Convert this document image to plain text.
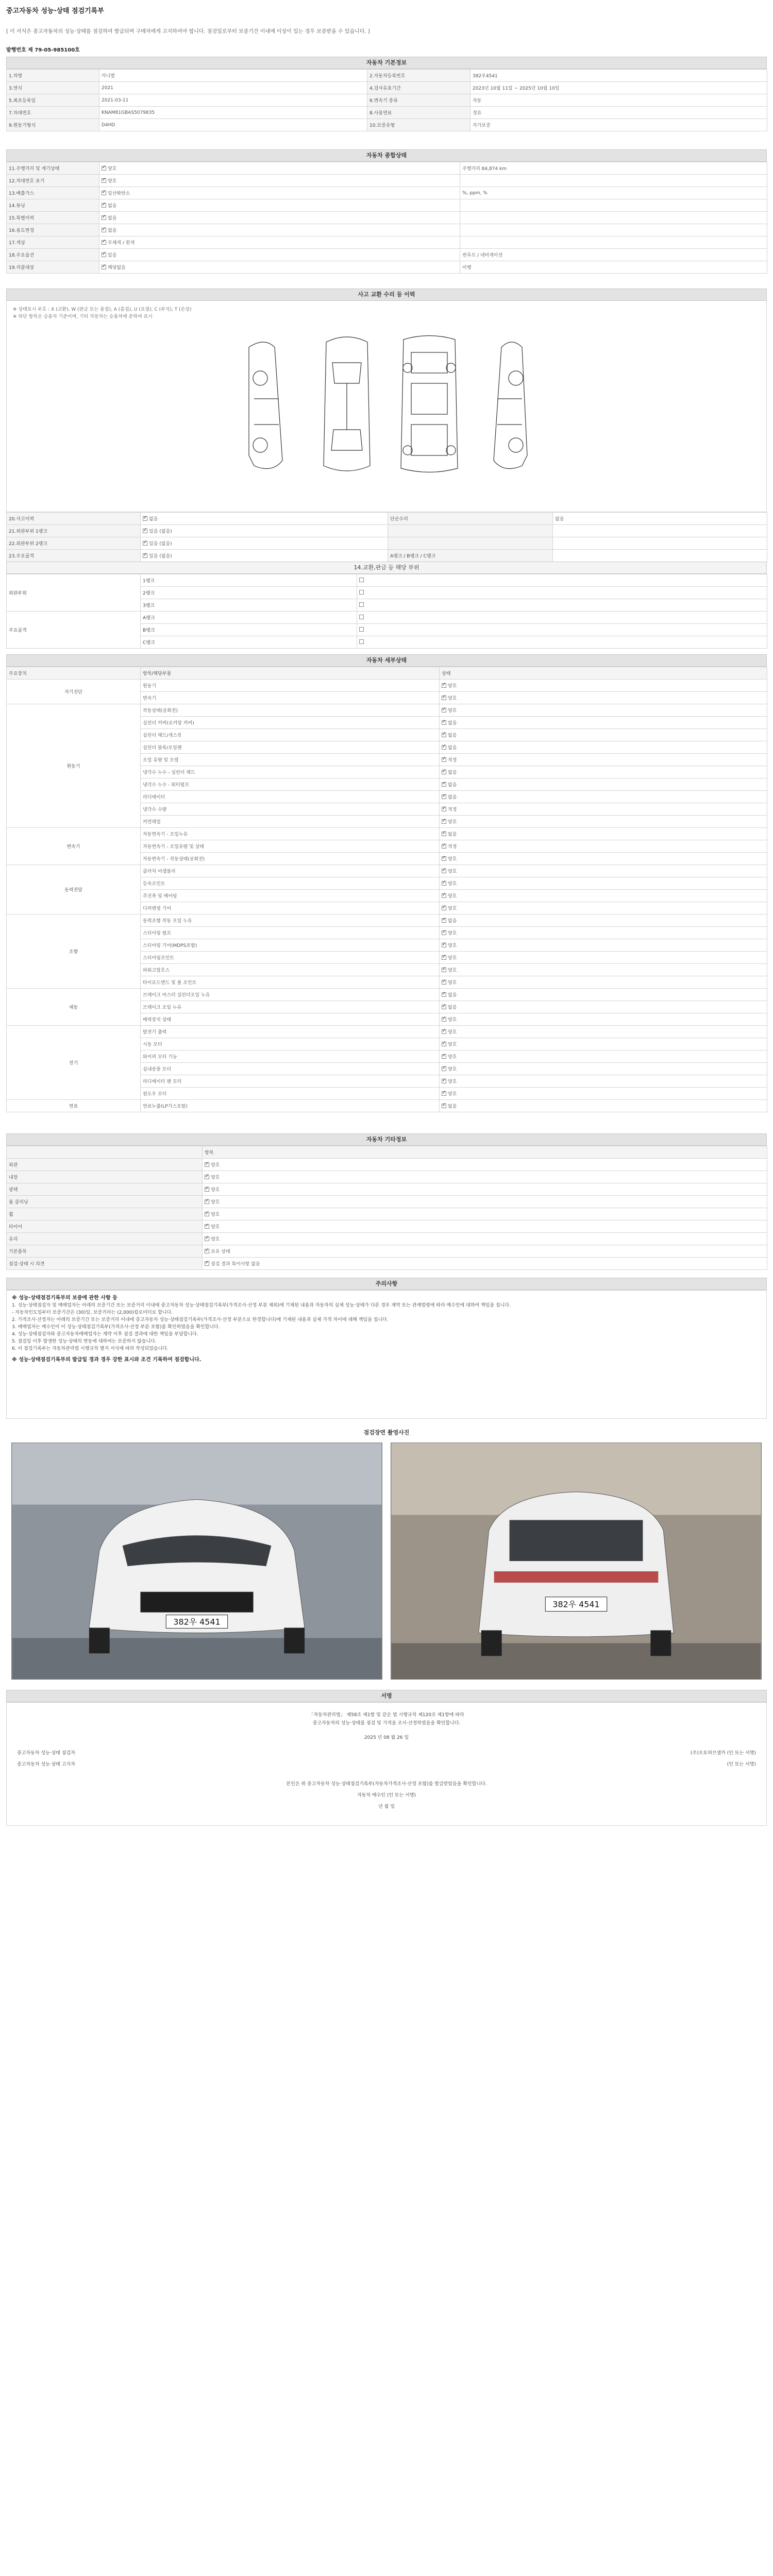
중고자동차 성능·상태 점검기록부
[ 이 서식은 중고자동차의 성능·상태를 점검하여 발급되며 구매자에게 고지하여야 합니다. 점검일로부터 보증기간 이내에 이상이 있는 경우 보증받을 수 있습니다. ]
발행번호 제 79-05-985100호
자동차 기본정보
1.차명	카니발	2.자동차등록번호	382우4541
3.연식	2021	4.검사유효기간	2023년 10월 11일 ~ 2025년 10월 10일
5.최초등록일	2021-03-11	6.변속기 종류	자동
7.차대번호	KNAM81GBAS5079835	8.사용연료	경유
9.원동기형식	D4HD	10.보증유형	자가보증
자동차 종합상태
11.주행거리 및 계기상태	✓양호	주행거리 84,874 km
12.차대번호 표기	✓양호	
13.배출가스	✓일산화탄소	%, ppm, %
14.튜닝	✓없음	
15.특별이력	✓없음	
16.용도변경	✓없음	
17.색상	✓무채색 / 흰색	
18.주요옵션	✓있음	썬루프 / 네비게이션
19.리콜대상	✓해당없음	이행
사고 교환 수리 등 이력
※ 상태표시 부호 : X (교환), W (판금 또는 용접), A (흠집), U (요철), C (부식), T (손상)
※ 하단 항목은 승용차 기준이며, 기타 자동차는 승용차에 준하여 표시
20.사고이력	✓없음	단순수리	없음
21.외판부위 1랭크	✓있음 (없음)		
22.외판부위 2랭크	✓있음 (없음)		
23.주요골격	✓있음 (없음)	A랭크 / B랭크 / C랭크	
14.교환,판금 등 해당 부위
외판부위	1랭크	
	2랭크	
	3랭크	
주요골격	A랭크	
	B랭크	
	C랭크	
자동차 세부상태
주요장치	항목/해당부품	상태
자기진단	원동기	✓양호
	변속기	✓양호
원동기	작동상태(공회전)	✓양호
	실린더 커버(로커암 커버)	✓없음
	실린더 헤드/개스킷	✓없음
	실린더 블록/오일팬	✓없음
	오일 유량 및 오염	✓적정
	냉각수 누수 - 실린더 헤드	✓없음
	냉각수 누수 - 워터펌프	✓없음
	라디에이터	✓없음
	냉각수 수량	✓적정
	커먼레일	✓양호
변속기	자동변속기 - 오일누유	✓없음
	자동변속기 - 오일유량 및 상태	✓적정
	자동변속기 - 작동상태(공회전)	✓양호
동력전달	클러치 어셈블리	✓양호
	등속조인트	✓양호
	추진축 및 베어링	✓양호
	디퍼렌셜 기어	✓양호
조향	동력조향 작동 오일 누유	✓없음
	스티어링 펌프	✓양호
	스티어링 기어(MDPS포함)	✓양호
	스티어링조인트	✓양호
	파워고압호스	✓양호
	타이로드엔드 및 볼 조인트	✓양호
제동	브레이크 마스터 실린더오일 누유	✓없음
	브레이크 오일 누유	✓없음
	배력장치 상태	✓양호
전기	발전기 출력	✓양호
	시동 모터	✓양호
	와이퍼 모터 기능	✓양호
	실내송풍 모터	✓양호
	라디에이터 팬 모터	✓양호
	윈도우 모터	✓양호
연료	연료누출(LP가스포함)	✓없음
자동차 기타정보
	항목
외관	✓양호
내장	✓양호
광택	✓양호
룸 클리닝	✓양호
휠	✓양호
타이어	✓양호
유리	✓양호
기본품목	✓보유 상태
점검·상태 시 의견	✓점검 결과 특이사항 없음
주의사항
※ 성능·상태점검기록부의 보증에 관한 사항 등
1. 성능·상태점검자 및 매매업자는 아래의 보증기간 또는 보증거리 이내에 중고자동차 성능·상태점검기록부(가격조사·산정 부분 제외)에 기재된 내용과 자동차의 실제 성능·상태가 다른 경우 계약 또는 관계법령에 따라 매수인에 대하여 책임을 집니다.
- 자동차인도일부터 보증기간은 (30)일, 보증거리는 (2,000)킬로미터로 합니다.
2. 가격조사·산정자는 아래의 보증기간 또는 보증거리 이내에 중고자동차 성능·상태점검기록부(가격조사·산정 부분으로 한정합니다)에 기재된 내용과 실제 가격 차이에 대해 책임을 집니다.
3. 매매업자는 매수인이 이 성능·상태점검기록부(가격조사·산정 부분 포함)를 확인하였음을 확인합니다.
4. 성능·상태점검자와 중고자동차매매업자는 계약 이후 점검 결과에 대한 책임을 부담합니다.
5. 점검일 이후 발생한 성능·상태의 변동에 대하여는 보증하지 않습니다.
6. 이 점검기록부는 자동차관리법 시행규칙 별지 서식에 따라 작성되었습니다.
※ 성능·상태점검기록부의 발급일 경과 경우 강한 표시와 조건 기록하여 점검합니다.
점검장면 촬영사진
382우 4541
382우 4541
서명
「자동차관리법」 제58조 제1항 및 같은 법 시행규칙 제120조 제1항에 따라
중고자동차의 성능·상태를 점검 및 가격을 조사·산정하였음을 확인합니다.
2025 년 08 월 26 일
중고자동차 성능·상태 점검자	(주)오토허브셀카 (인 또는 서명)
중고자동차 성능·상태 고지자	(인 또는 서명)
본인은 위 중고자동차 성능·상태점검기록부(자동차가격조사·산정 포함)를 발급받았음을 확인합니다.
자동차 매수인 (인 또는 서명)
년 월 일
